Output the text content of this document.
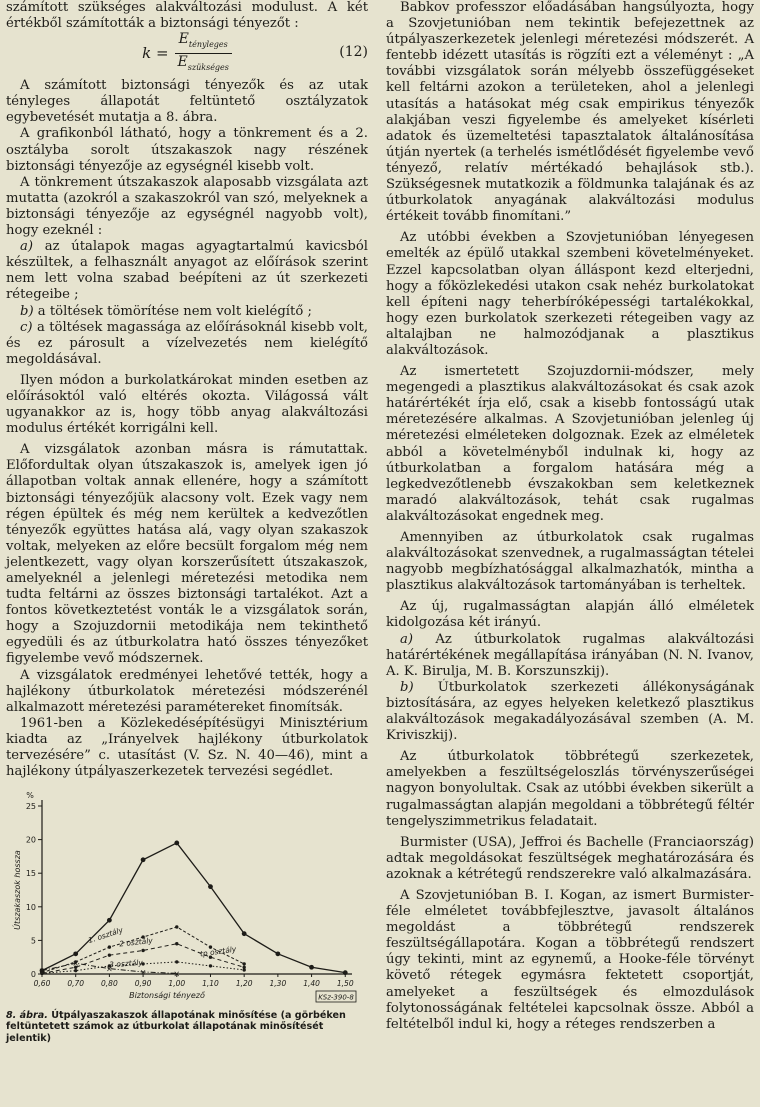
számított szükséges alakváltozási modulust. A két értékből számították a biztonsági tényezőt :

$k = \frac{E_{tényleges}}{E_{szükséges}}$	(12)

A számított biztonsági tényezők és az utak tényleges állapotát feltüntető osztályzatok egybevetését mutatja a 8. ábra.

A grafikonból látható, hogy a tönkrement és a 2. osztályba sorolt útszakaszok nagy részének biztonsági tényezője az egységnél kisebb volt.

A tönkrement útszakaszok alaposabb vizsgálata azt mutatta (azokról a szakaszokról van szó, melyeknek a biztonsági tényezője az egységnél nagyobb volt), hogy ezeknél :

a) az útalapok magas agyagtartalmú kavicsból készültek, a felhasznált anyagot az előírások szerint nem lett volna szabad beépíteni az út szerkezeti rétegeibe ;

b) a töltések tömörítése nem volt kielégítő ;

c) a töltések magassága az előírásoknál kisebb volt, és ez párosult a vízelvezetés nem kielégítő megoldásával.

Ilyen módon a burkolatkárokat minden esetben az előírásoktól való eltérés okozta. Világossá vált ugyanakkor az is, hogy több anyag alakváltozási modulus értékét korrigálni kell.

A vizsgálatok azonban másra is rámutattak. Előfordultak olyan útszakaszok is, amelyek igen jó állapotban voltak annak ellenére, hogy a számított biztonsági tényezőjük alacsony volt. Ezek vagy nem régen épültek és még nem kerültek a kedvezőtlen tényezők együttes hatása alá, vagy olyan szakaszok voltak, melyeken az előre becsült forgalom még nem jelentkezett, vagy olyan korszerűsített útszakaszok, amelyeknél a jelenlegi méretezési metodika nem tudta feltárni az összes biztonsági tartalékot. Azt a fontos következtetést vonták le a vizsgálatok során, hogy a Szojuzdornii metodikája nem tekinthető egyedüli és az útburkolatra ható összes tényezőket figyelembe vevő módszernek.

A vizsgálatok eredményei lehetővé tették, hogy a hajlékony útburkolatok méretezési módszerénél alkalmazott méretezési paramétereket finomítsák.

1961-ben a Közlekedésépítésügyi Minisztérium kiadta az „Irányelvek hajlékony útburkolatok tervezésére” c. utasítást (V. Sz. N. 40—46), mint a hajlékony útpályaszerkezetek tervezési segédlet.

0
5
10
15
20
25
%
0,60 0,70 0,80 0,90 1,00 1,10 1,20 1,30 1,40 1,50
Biztonsági tényező
Útszakaszok hossza
×
×
×	×	×
1. osztály
2 osztály
3 osztály
tp osztály
KSz-390-8
8. ábra. Útpályaszakaszok állapotának minősítése (a görbéken feltüntetett számok az útburkolat állapotának minősítését jelentik)

Babkov professzor előadásában hangsúlyozta, hogy a Szovjetunióban nem tekintik befejezettnek az útpályaszerkezetek jelenlegi méretezési módszerét. A fentebb idézett utasítás is rögzíti ezt a véleményt : „A további vizsgálatok során mélyebb összefüggéseket kell feltárni azokon a területeken, ahol a jelenlegi utasítás a hatásokat még csak empirikus tényezők alakjában veszi figyelembe és amelyeket kísérleti adatok és üzemeltetési tapasztalatok általánosítása útján nyertek (a terhelés ismétlődését figyelembe vevő tényező, relatív mértékadó behajlások stb.). Szükségesnek mutatkozik a földmunka talajának és az útburkolatok anyagának alakváltozási modulus értékeit tovább finomítani.”

Az utóbbi években a Szovjetunióban lényegesen emelték az épülő utakkal szembeni követelményeket. Ezzel kapcsolatban olyan álláspont kezd elterjedni, hogy a főközlekedési utakon csak nehéz burkolatokat kell építeni nagy teherbíróképességi tartalékokkal, hogy ezen burkolatok szerkezeti rétegeiben vagy az altalajban ne halmozódjanak a plasztikus alakváltozások.

Az ismertetett Szojuzdornii-módszer, mely megengedi a plasztikus alakváltozásokat és csak azok határértékét írja elő, csak a kisebb fontosságú utak méretezésére alkalmas. A Szovjetunióban jelenleg új méretezési elméleteken dolgoznak. Ezek az elméletek abból a követelményből indulnak ki, hogy az útburkolatban a forgalom hatására még a legkedvezőtlenebb évszakokban sem keletkeznek maradó alakváltozások, tehát csak rugalmas alakváltozásokat engednek meg.

Amennyiben az útburkolatok csak rugalmas alakváltozásokat szenvednek, a rugalmasságtan tételei nagyobb megbízhatósággal alkalmazhatók, mintha a plasztikus alakváltozások tartományában is terheltek.

Az új, rugalmasságtan alapján álló elméletek kidolgozása két irányú.

a) Az útburkolatok rugalmas alakváltozási határértékének megállapítása irányában (N. N. Ivanov, A. K. Birulja, M. B. Korszunszkij).

b) Útburkolatok szerkezeti állékonyságának biztosítására, az egyes helyeken keletkező plasztikus alakváltozások megakadályozásával szemben (A. M. Kriviszkij).

Az útburkolatok többrétegű szerkezetek, amelyekben a feszültségeloszlás törvényszerűségei nagyon bonyolultak. Csak az utóbbi években sikerült a rugalmasságtan alapján megoldani a többrétegű féltér tengelyszimmetrikus feladatait.

Burmister (USA), Jeffroi és Bachelle (Franciaország) adtak megoldásokat feszültségek meghatározására és azoknak a kétrétegű rendszerekre való alkalmazására.

A Szovjetunióban B. I. Kogan, az ismert Burmister-féle elméletet továbbfejlesztve, javasolt általános megoldást a többrétegű rendszerek feszültségállapotára. Kogan a többrétegű rendszert úgy tekinti, mint az egynemű, a Hooke-féle törvényt követő rétegek egymásra fektetett csoportját, amelyeket a feszültségek és elmozdulások folytonosságának feltételei kapcsolnak össze. Abból a feltételből indul ki, hogy a réteges rendszerben a
